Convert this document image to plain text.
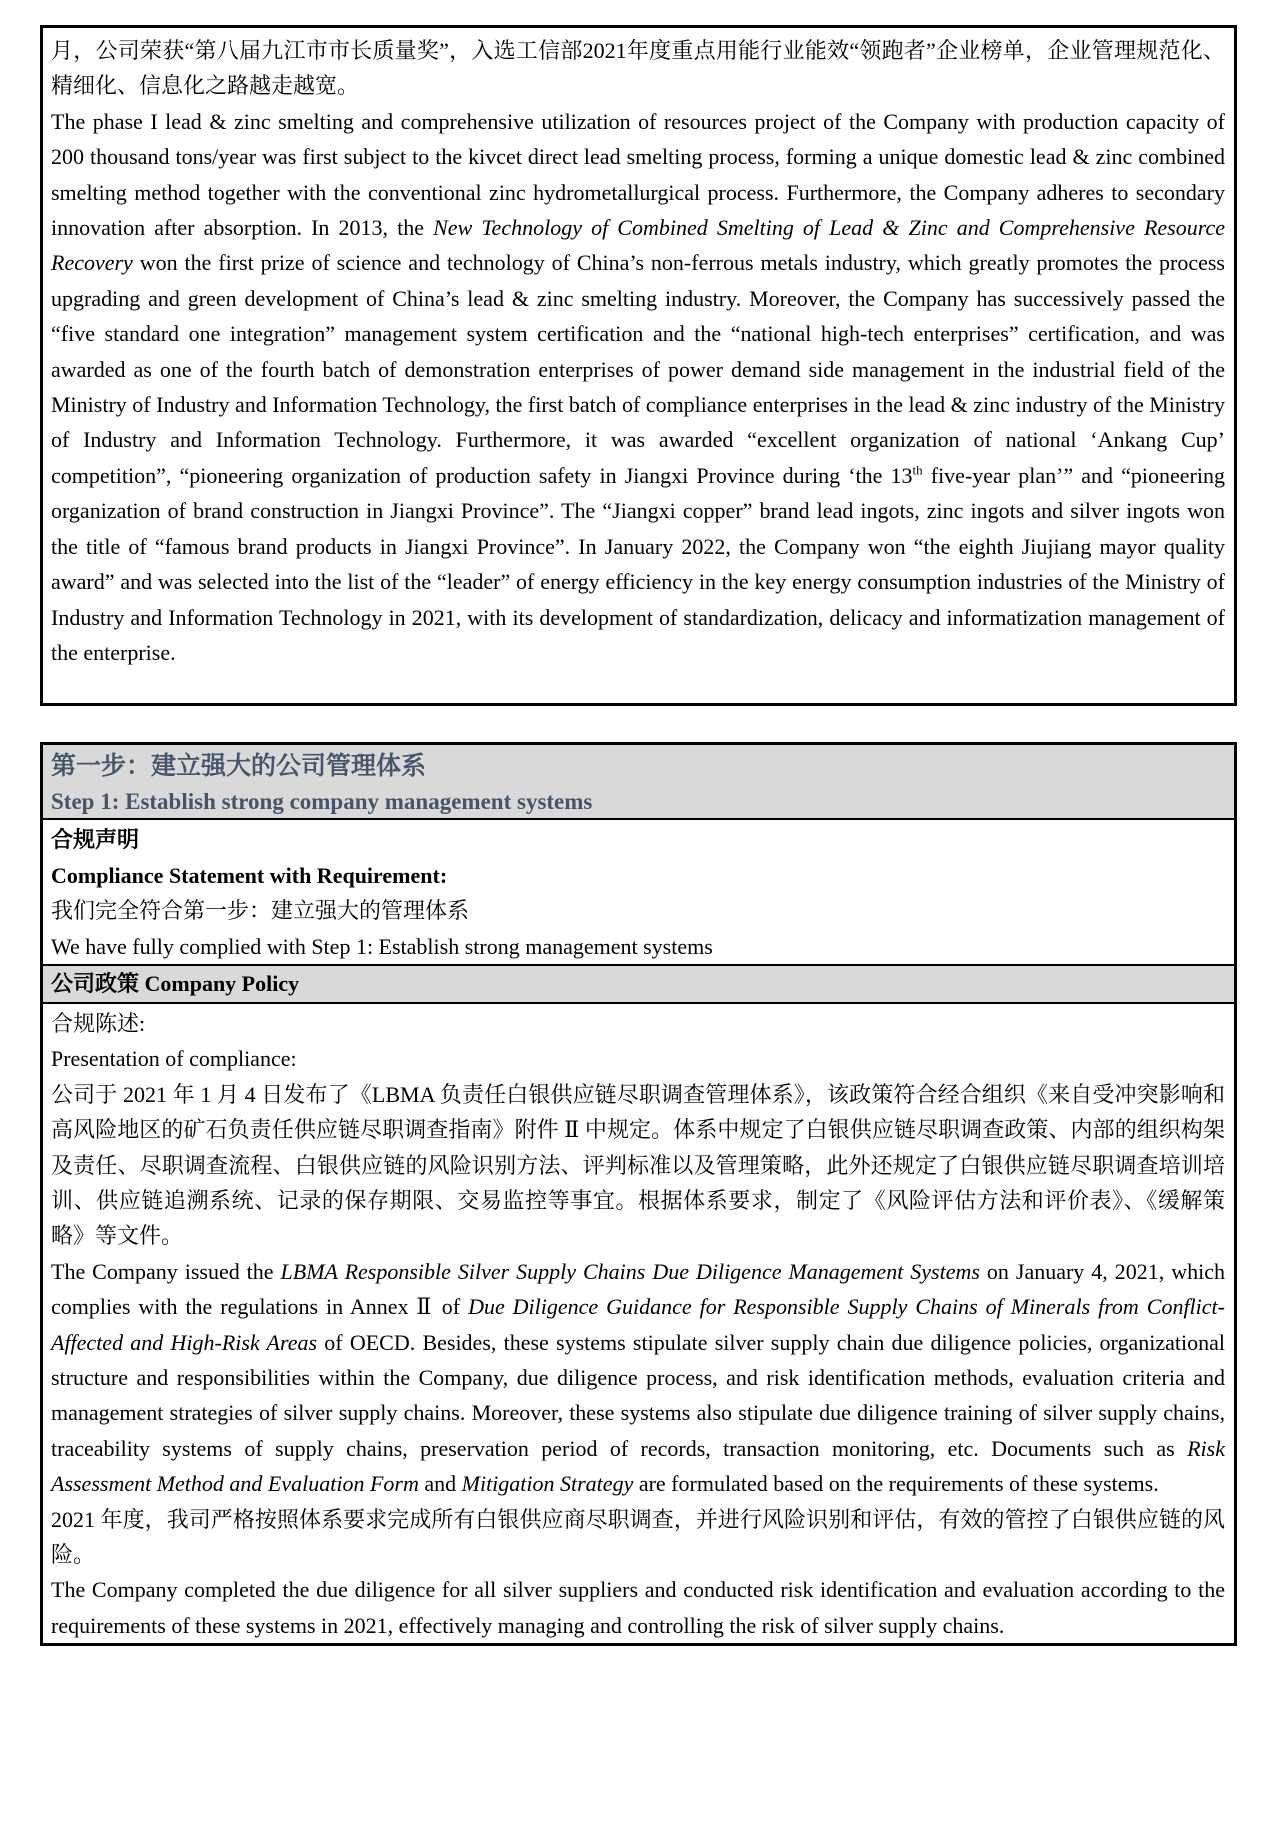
月，公司荣获“第八届九江市市长质量奖”，入选工信部2021年度重点用能行业能效“领跑者”企业榜单，企业管理规范化、精细化、信息化之路越走越宽。

The phase I lead & zinc smelting and comprehensive utilization of resources project of the Company with production capacity of 200 thousand tons/year was first subject to the kivcet direct lead smelting process, forming a unique domestic lead & zinc combined smelting method together with the conventional zinc hydrometallurgical process. Furthermore, the Company adheres to secondary innovation after absorption. In 2013, the New Technology of Combined Smelting of Lead & Zinc and Comprehensive Resource Recovery won the first prize of science and technology of China’s non-ferrous metals industry, which greatly promotes the process upgrading and green development of China’s lead & zinc smelting industry. Moreover, the Company has successively passed the “five standard one integration” management system certification and the “national high-tech enterprises” certification, and was awarded as one of the fourth batch of demonstration enterprises of power demand side management in the industrial field of the Ministry of Industry and Information Technology, the first batch of compliance enterprises in the lead & zinc industry of the Ministry of Industry and Information Technology. Furthermore, it was awarded “excellent organization of national ‘Ankang Cup’ competition”, “pioneering organization of production safety in Jiangxi Province during ‘the 13th five-year plan’” and “pioneering organization of brand construction in Jiangxi Province”. The “Jiangxi copper” brand lead ingots, zinc ingots and silver ingots won the title of “famous brand products in Jiangxi Province”. In January 2022, the Company won “the eighth Jiujiang mayor quality award” and was selected into the list of the “leader” of energy efficiency in the key energy consumption industries of the Ministry of Industry and Information Technology in 2021, with its development of standardization, delicacy and informatization management of the enterprise.

第一步：建立强大的公司管理体系
Step 1: Establish strong company management systems

合规声明

Compliance Statement with Requirement:

我们完全符合第一步：建立强大的管理体系

We have fully complied with Step 1: Establish strong management systems

公司政策 Company Policy

合规陈述:

Presentation of compliance:

公司于 2021 年 1 月 4 日发布了《LBMA 负责任白银供应链尽职调查管理体系》，该政策符合经合组织《来自受冲突影响和高风险地区的矿石负责任供应链尽职调查指南》附件 Ⅱ 中规定。体系中规定了白银供应链尽职调查政策、内部的组织构架及责任、尽职调查流程、白银供应链的风险识别方法、评判标准以及管理策略，此外还规定了白银供应链尽职调查培训培训、供应链追溯系统、记录的保存期限、交易监控等事宜。根据体系要求，制定了《风险评估方法和评价表》、《缓解策略》等文件。

The Company issued the LBMA Responsible Silver Supply Chains Due Diligence Management Systems on January 4, 2021, which complies with the regulations in Annex Ⅱ of Due Diligence Guidance for Responsible Supply Chains of Minerals from Conflict-Affected and High-Risk Areas of OECD. Besides, these systems stipulate silver supply chain due diligence policies, organizational structure and responsibilities within the Company, due diligence process, and risk identification methods, evaluation criteria and management strategies of silver supply chains. Moreover, these systems also stipulate due diligence training of silver supply chains, traceability systems of supply chains, preservation period of records, transaction monitoring, etc. Documents such as Risk Assessment Method and Evaluation Form and Mitigation Strategy are formulated based on the requirements of these systems.

2021 年度，我司严格按照体系要求完成所有白银供应商尽职调查，并进行风险识别和评估，有效的管控了白银供应链的风险。

The Company completed the due diligence for all silver suppliers and conducted risk identification and evaluation according to the requirements of these systems in 2021, effectively managing and controlling the risk of silver supply chains.
